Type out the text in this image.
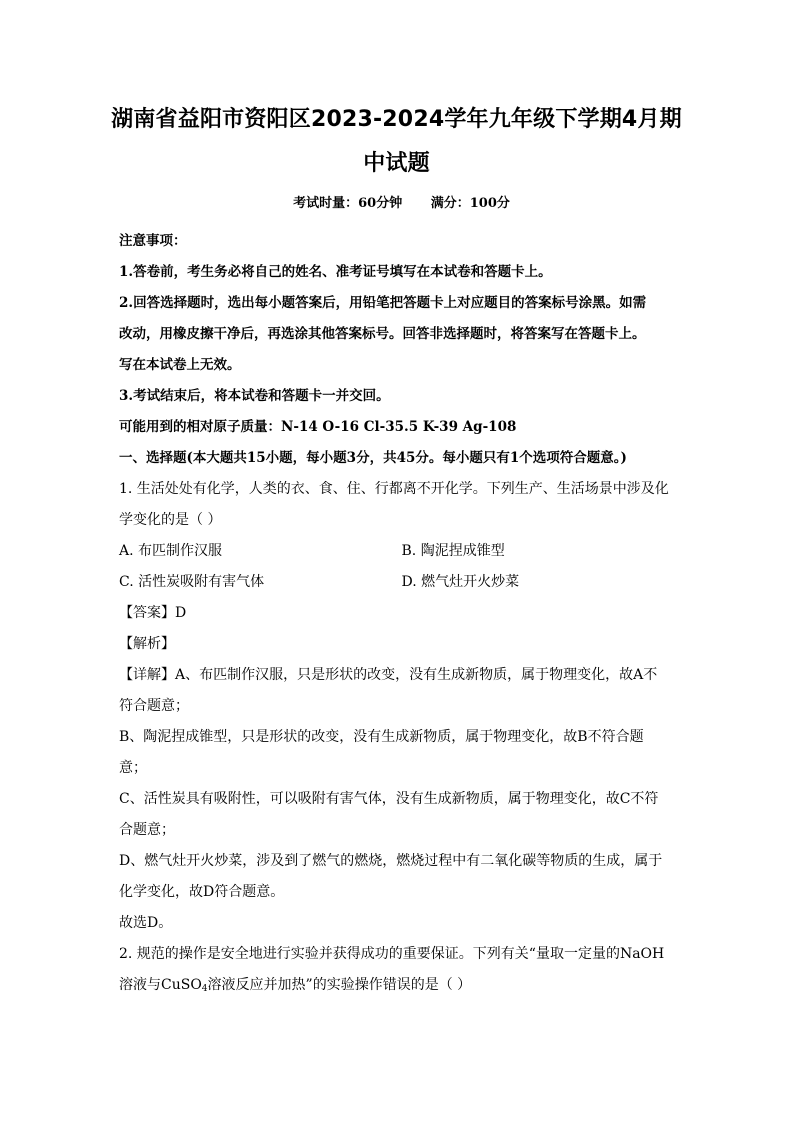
湖南省益阳市资阳区2023-2024学年九年级下学期4月期
中试题
考试时量：60分钟 满分：100分

注意事项：

1.答卷前，考生务必将自己的姓名、准考证号填写在本试卷和答题卡上。

2.回答选择题时，选出每小题答案后，用铅笔把答题卡上对应题目的答案标号涂黑。如需

改动，用橡皮擦干净后，再选涂其他答案标号。回答非选择题时，将答案写在答题卡上。

写在本试卷上无效。

3.考试结束后，将本试卷和答题卡一并交回。

可能用到的相对原子质量：N-14 O-16 Cl-35.5 K-39 Ag-108

一、选择题(本大题共15小题，每小题3分，共45分。每小题只有1个选项符合题意。)

1. 生活处处有化学，人类的衣、食、住、行都离不开化学。下列生产、生活场景中涉及化

学变化的是（ ）

A. 布匹制作汉服	B. 陶泥捏成锥型
C. 活性炭吸附有害气体	D. 燃气灶开火炒菜

【答案】D

【解析】

【详解】A、布匹制作汉服，只是形状的改变，没有生成新物质，属于物理变化，故A不

符合题意；

B、陶泥捏成锥型，只是形状的改变，没有生成新物质，属于物理变化，故B不符合题

意；

C、活性炭具有吸附性，可以吸附有害气体，没有生成新物质，属于物理变化，故C不符

合题意；

D、燃气灶开火炒菜，涉及到了燃气的燃烧，燃烧过程中有二氧化碳等物质的生成，属于

化学变化，故D符合题意。

故选D。

2. 规范的操作是安全地进行实验并获得成功的重要保证。下列有关“量取一定量的NaOH

溶液与CuSO$_4$溶液反应并加热”的实验操作错误的是（ ）
